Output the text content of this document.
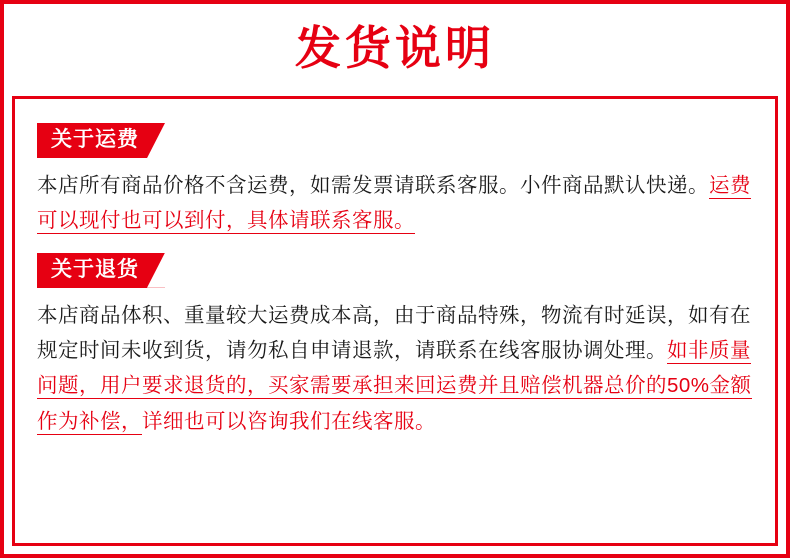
发货说明
关于运费

本店所有商品价格不含运费，如需发票请联系客服。小件商品默认快递。运费可以现付也可以到付，具体请联系客服。

关于退货

本店商品体积、重量较大运费成本高，由于商品特殊，物流有时延误，如有在规定时间未收到货，请勿私自申请退款，请联系在线客服协调处理。如非质量问题，用户要求退货的，买家需要承担来回运费并且赔偿机器总价的50%金额作为补偿，详细也可以咨询我们在线客服。
